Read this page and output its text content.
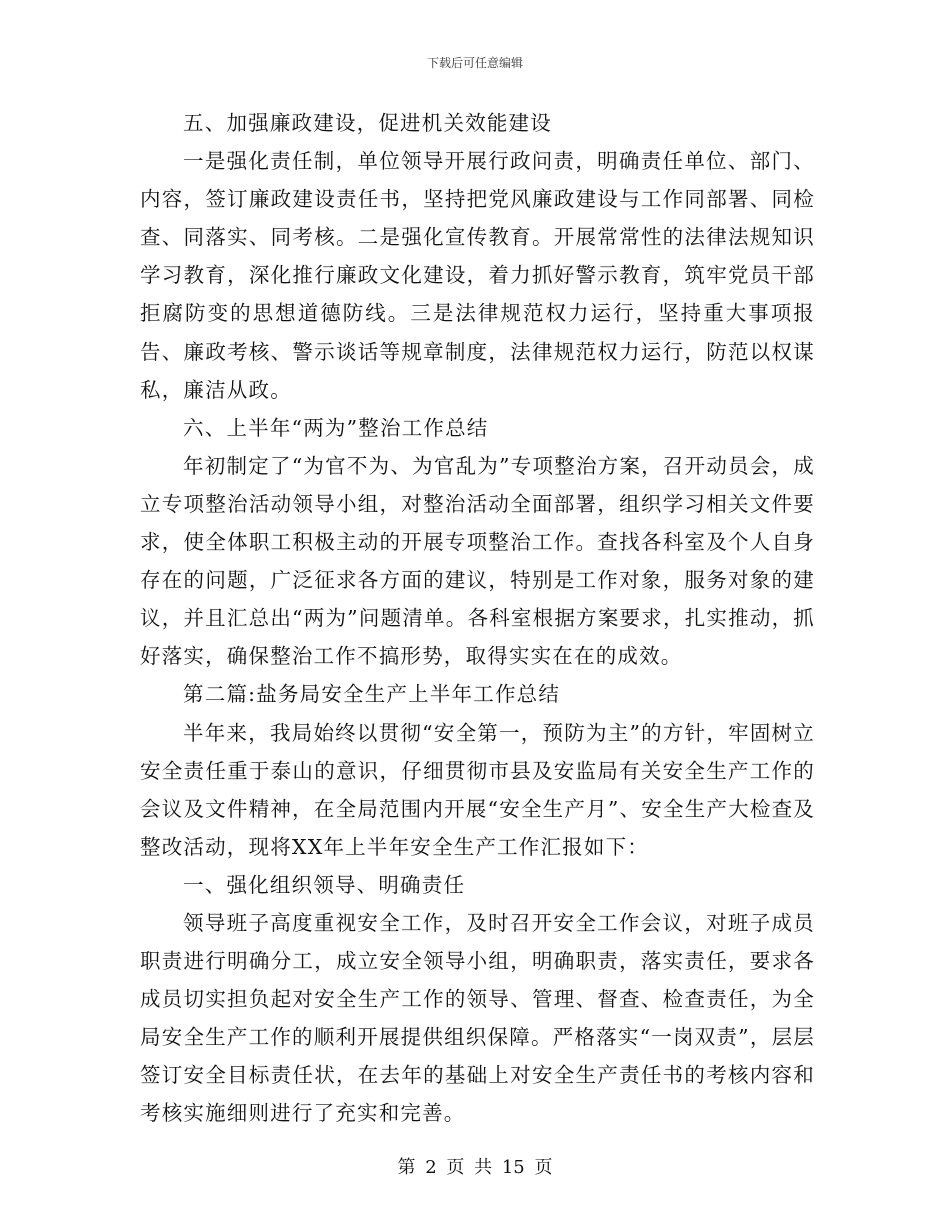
下载后可任意编辑

五、加强廉政建设，促进机关效能建设

一是强化责任制，单位领导开展行政问责，明确责任单位、部门、内容，签订廉政建设责任书，坚持把党风廉政建设与工作同部署、同检查、同落实、同考核。二是强化宣传教育。开展常常性的法律法规知识学习教育，深化推行廉政文化建设，着力抓好警示教育，筑牢党员干部拒腐防变的思想道德防线。三是法律规范权力运行，坚持重大事项报告、廉政考核、警示谈话等规章制度，法律规范权力运行，防范以权谋私，廉洁从政。

六、上半年“两为”整治工作总结

年初制定了“为官不为、为官乱为”专项整治方案，召开动员会，成立专项整治活动领导小组，对整治活动全面部署，组织学习相关文件要求，使全体职工积极主动的开展专项整治工作。查找各科室及个人自身存在的问题，广泛征求各方面的建议，特别是工作对象，服务对象的建议，并且汇总出“两为”问题清单。各科室根据方案要求，扎实推动，抓好落实，确保整治工作不搞形势，取得实实在在的成效。

第二篇:盐务局安全生产上半年工作总结

半年来，我局始终以贯彻“安全第一，预防为主”的方针，牢固树立安全责任重于泰山的意识，仔细贯彻市县及安监局有关安全生产工作的会议及文件精神，在全局范围内开展“安全生产月”、安全生产大检查及整改活动，现将XX年上半年安全生产工作汇报如下：

一、强化组织领导、明确责任

领导班子高度重视安全工作，及时召开安全工作会议，对班子成员职责进行明确分工，成立安全领导小组，明确职责，落实责任，要求各成员切实担负起对安全生产工作的领导、管理、督查、检查责任，为全局安全生产工作的顺利开展提供组织保障。严格落实“一岗双责”，层层签订安全目标责任状，在去年的基础上对安全生产责任书的考核内容和考核实施细则进行了充实和完善。

第 2 页 共 15 页
